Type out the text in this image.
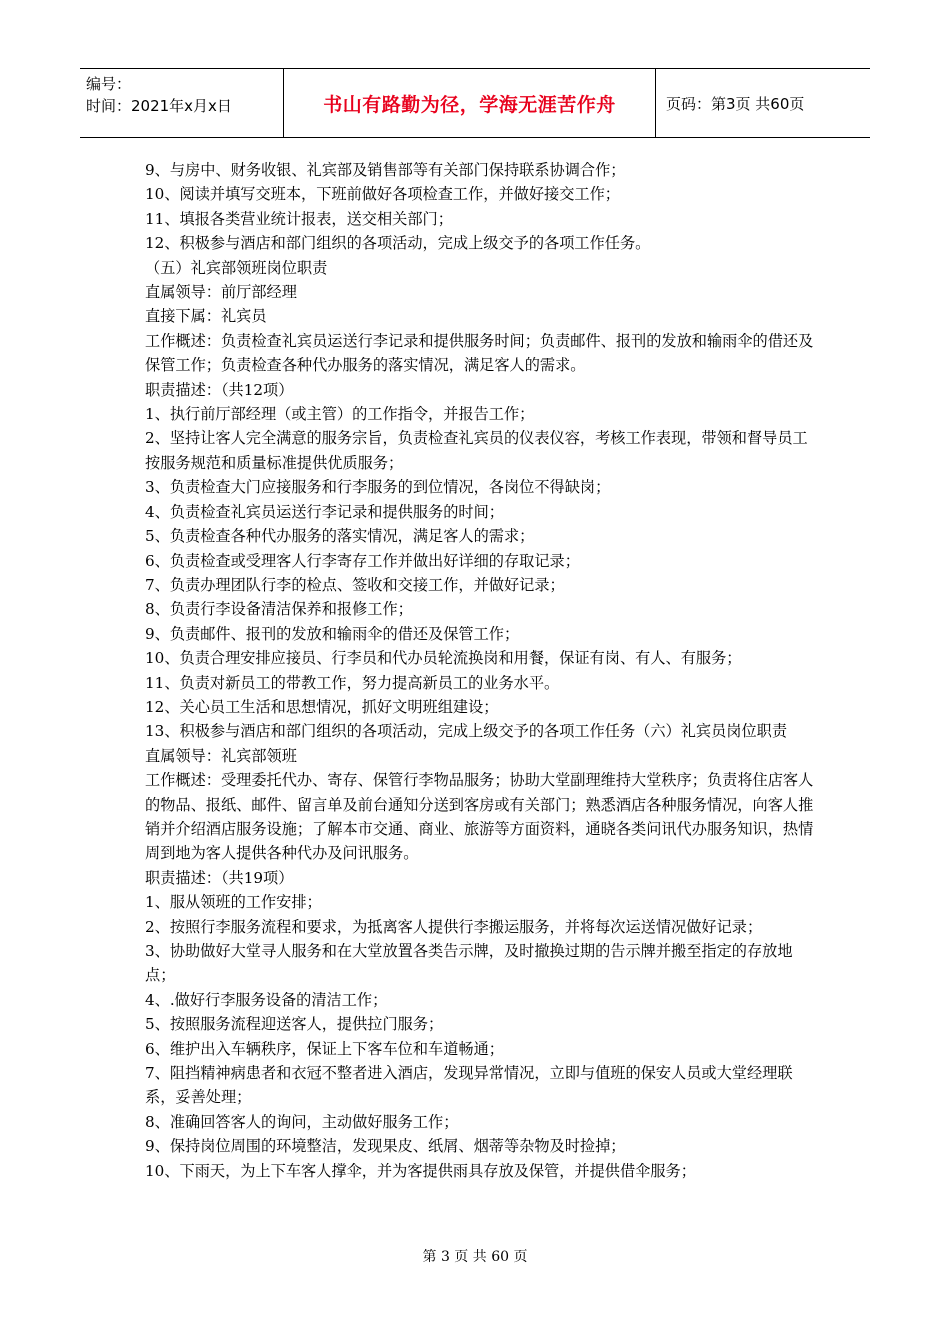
编号：
时间：2021年x月x日	书山有路勤为径，学海无涯苦作舟	页码：第3页 共60页

9、与房中、财务收银、礼宾部及销售部等有关部门保持联系协调合作；

10、阅读并填写交班本，下班前做好各项检查工作，并做好接交工作；

11、填报各类营业统计报表，送交相关部门；

12、积极参与酒店和部门组织的各项活动，完成上级交予的各项工作任务。

（五）礼宾部领班岗位职责

直属领导：前厅部经理

直接下属：礼宾员

工作概述：负责检查礼宾员运送行李记录和提供服务时间；负责邮件、报刊的发放和输雨伞的借还及保管工作；负责检查各种代办服务的落实情况，满足客人的需求。

职责描述：（共12项）

1、执行前厅部经理（或主管）的工作指令，并报告工作；

2、坚持让客人完全满意的服务宗旨，负责检查礼宾员的仪表仪容，考核工作表现，带领和督导员工按服务规范和质量标准提供优质服务；

3、负责检查大门应接服务和行李服务的到位情况，各岗位不得缺岗；

4、负责检查礼宾员运送行李记录和提供服务的时间；

5、负责检查各种代办服务的落实情况，满足客人的需求；

6、负责检查或受理客人行李寄存工作并做出好详细的存取记录；

7、负责办理团队行李的检点、签收和交接工作，并做好记录；

8、负责行李设备清洁保养和报修工作；

9、负责邮件、报刊的发放和输雨伞的借还及保管工作；

10、负责合理安排应接员、行李员和代办员轮流换岗和用餐，保证有岗、有人、有服务；

11、负责对新员工的带教工作，努力提高新员工的业务水平。

12、关心员工生活和思想情况，抓好文明班组建设；

13、积极参与酒店和部门组织的各项活动，完成上级交予的各项工作任务（六）礼宾员岗位职责

直属领导：礼宾部领班

工作概述：受理委托代办、寄存、保管行李物品服务；协助大堂副理维持大堂秩序；负责将住店客人的物品、报纸、邮件、留言单及前台通知分送到客房或有关部门；熟悉酒店各种服务情况，向客人推销并介绍酒店服务设施；了解本市交通、商业、旅游等方面资料，通晓各类问讯代办服务知识，热情周到地为客人提供各种代办及问讯服务。

职责描述：（共19项）

1、服从领班的工作安排；

2、按照行李服务流程和要求，为抵离客人提供行李搬运服务，并将每次运送情况做好记录；

3、协助做好大堂寻人服务和在大堂放置各类告示牌，及时撤换过期的告示牌并搬至指定的存放地点；

4、.做好行李服务设备的清洁工作；

5、按照服务流程迎送客人，提供拉门服务；

6、维护出入车辆秩序，保证上下客车位和车道畅通；

7、阻挡精神病患者和衣冠不整者进入酒店，发现异常情况，立即与值班的保安人员或大堂经理联系，妥善处理；

8、准确回答客人的询问，主动做好服务工作；

9、保持岗位周围的环境整洁，发现果皮、纸屑、烟蒂等杂物及时捡掉；

10、下雨天，为上下车客人撑伞，并为客提供雨具存放及保管，并提供借伞服务；

第 3 页 共 60 页
